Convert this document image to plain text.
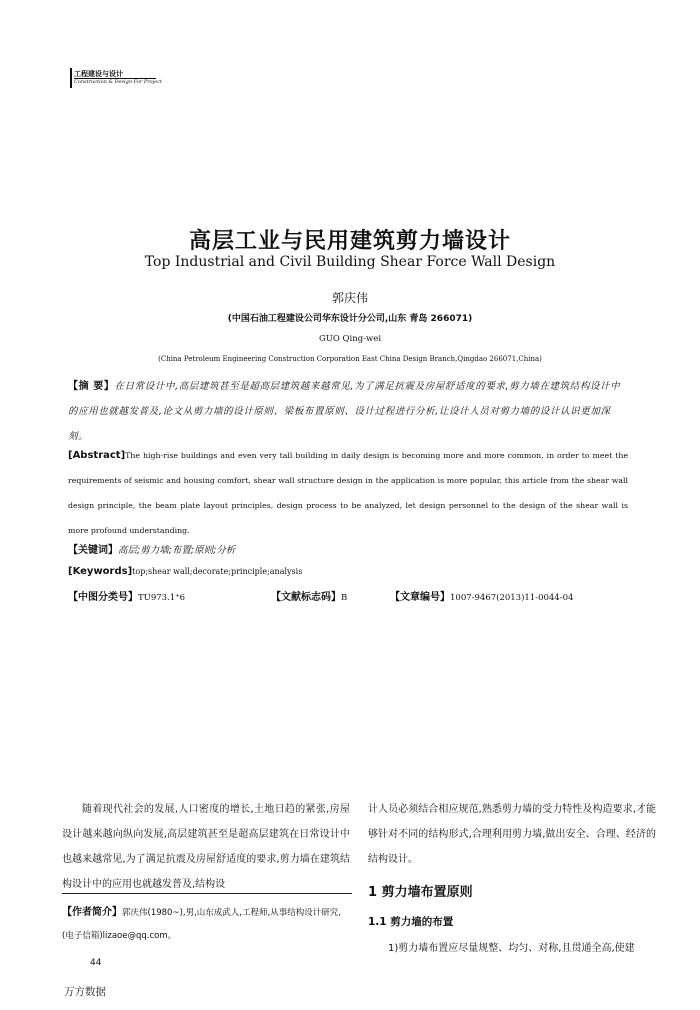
工程建设与设计
Construction & Design For Project
高层工业与民用建筑剪力墙设计
Top Industrial and Civil Building Shear Force Wall Design
郭庆伟
(中国石油工程建设公司华东设计分公司,山东 青岛 266071)
GUO Qing-wei
(China Petroleum Engineering Construction Corporation East China Design Branch,Qingdao 266071,China)
【摘 要】在日常设计中,高层建筑甚至是超高层建筑越来越常见,为了满足抗震及房屋舒适度的要求,剪力墙在建筑结构设计中的应用也就越发普及,论文从剪力墙的设计原则、梁板布置原则、设计过程进行分析,让设计人员对剪力墙的设计认识更加深刻。
[Abstract]The high-rise buildings and even very tall building in daily design is becoming more and more common, in order to meet the requirements of seismic and housing comfort, shear wall structure design in the application is more popular, this article from the shear wall design principle, the beam plate layout principles, design process to be analyzed, let design personnel to the design of the shear wall is more profound understanding.
【关键词】高层;剪力墙;布置;原则;分析
[Keywords]top;shear wall;decorate;principle;analysis
【中图分类号】TU973.1⁺6	【文献标志码】B	【文章编号】1007-9467(2013)11-0044-04

随着现代社会的发展,人口密度的增长,土地日趋的紧张,房屋设计越来越向纵向发展,高层建筑甚至是超高层建筑在日常设计中也越来越常见,为了满足抗震及房屋舒适度的要求,剪力墙在建筑结构设计中的应用也就越发普及,结构设

【作者简介】郭庆伟(1980~),男,山东成武人,工程师,从事结构设计研究,(电子信箱)lizaoe@qq.com。

计人员必须结合相应规范,熟悉剪力墙的受力特性及构造要求,才能够针对不同的结构形式,合理利用剪力墙,做出安全、合理、经济的结构设计。

1 剪力墙布置原则
1.1 剪力墙的布置

1)剪力墙布置应尽量规整、均匀、对称,且贯通全高,使建

44
万方数据
